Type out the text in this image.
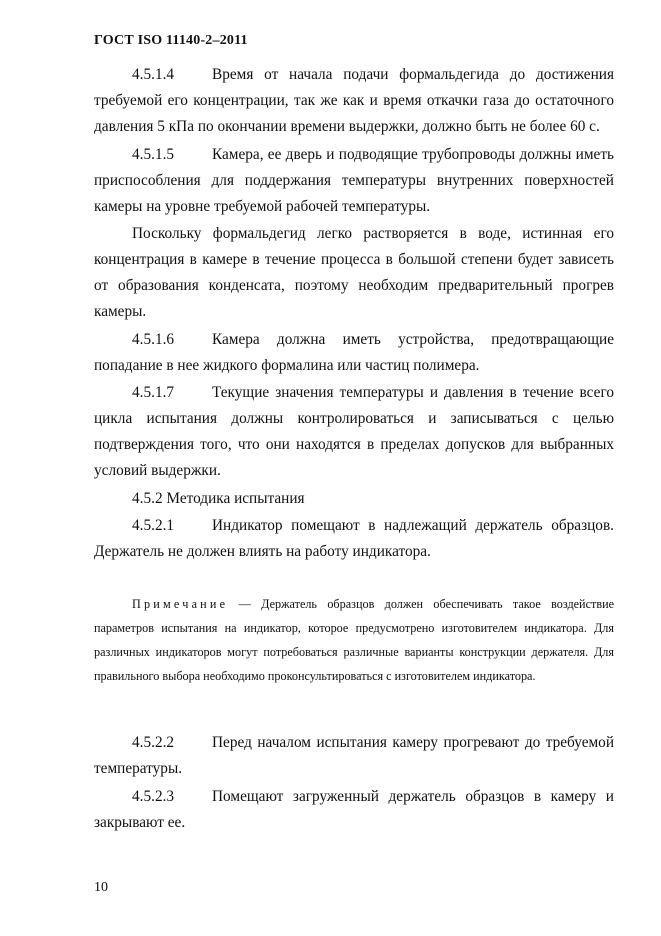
ГОСТ ISO 11140-2–2011
4.5.1.4 Время от начала подачи формальдегида до достижения требуемой его концентрации, так же как и время откачки газа до остаточного давления 5 кПа по окончании времени выдержки, должно быть не более 60 с.
4.5.1.5 Камера, ее дверь и подводящие трубопроводы должны иметь приспособления для поддержания температуры внутренних поверхностей камеры на уровне требуемой рабочей температуры.
Поскольку формальдегид легко растворяется в воде, истинная его концентрация в камере в течение процесса в большой степени будет зависеть от образования конденсата, поэтому необходим предварительный прогрев камеры.
4.5.1.6 Камера должна иметь устройства, предотвращающие попадание в нее жидкого формалина или частиц полимера.
4.5.1.7 Текущие значения температуры и давления в течение всего цикла испытания должны контролироваться и записываться с целью подтверждения того, что они находятся в пределах допусков для выбранных условий выдержки.
4.5.2 Методика испытания
4.5.2.1 Индикатор помещают в надлежащий держатель образцов. Держатель не должен влиять на работу индикатора.
Примечание — Держатель образцов должен обеспечивать такое воздействие параметров испытания на индикатор, которое предусмотрено изготовителем индикатора. Для различных индикаторов могут потребоваться различные варианты конструкции держателя. Для правильного выбора необходимо проконсультироваться с изготовителем индикатора.
4.5.2.2 Перед началом испытания камеру прогревают до требуемой температуры.
4.5.2.3 Помещают загруженный держатель образцов в камеру и закрывают ее.
10
